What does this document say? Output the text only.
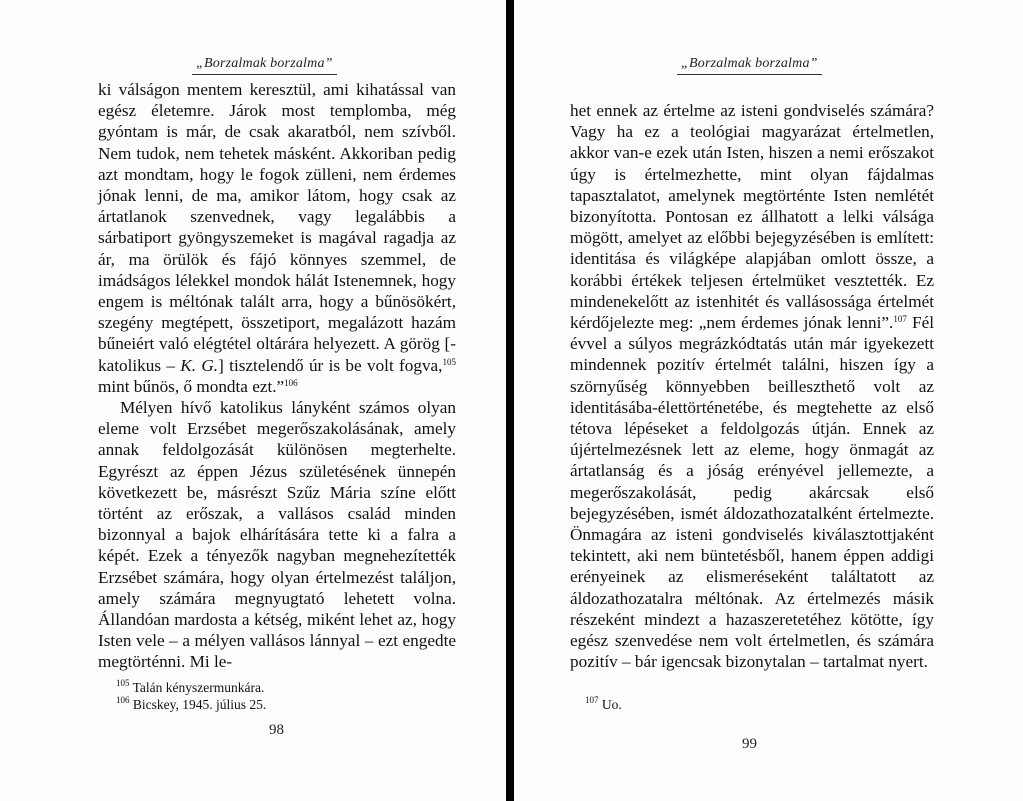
„Borzalmak borzalma”

ki válságon mentem keresztül, ami kihatással van egész életemre. Járok most templomba, még gyóntam is már, de csak akaratból, nem szívből. Nem tudok, nem tehetek másként. Akkoriban pedig azt mondtam, hogy le fogok zülleni, nem érdemes jónak lenni, de ma, amikor látom, hogy csak az ártatlanok szenvednek, vagy legalábbis a sárbatiport gyöngyszemeket is magával ragadja az ár, ma örülök és fájó könnyes szemmel, de imádságos lélekkel mondok hálát Istenemnek, hogy engem is méltónak talált arra, hogy a bűnösökért, szegény megtépett, összetiport, megalázott hazám bűneiért való elégtétel oltárára helyezett. A görög [-katolikus – K. G.] tisztelendő úr is be volt fogva,$^{105}$ mint bűnös, ő mondta ezt.”$^{106}$

Mélyen hívő katolikus lányként számos olyan eleme volt Erzsébet megerőszakolásának, amely annak feldolgozását különösen megterhelte. Egyrészt az éppen Jézus születésének ünnepén következett be, másrészt Szűz Mária színe előtt történt az erőszak, a vallásos család minden bizonnyal a bajok elhárítására tette ki a falra a képét. Ezek a tényezők nagyban megnehezítették Erzsébet számára, hogy olyan értelmezést találjon, amely számára megnyugtató lehetett volna. Állandóan mardosta a kétség, miként lehet az, hogy Isten vele – a mélyen vallásos lánnyal – ezt engedte megtörténni. Mi le-

$^{105}$ Talán kényszermunkára.
$^{106}$ Bicskey, 1945. július 25.
98
„Borzalmak borzalma”

het ennek az értelme az isteni gondviselés számára? Vagy ha ez a teológiai magyarázat értelmetlen, akkor van-e ezek után Isten, hiszen a nemi erőszakot úgy is értelmezhette, mint olyan fájdalmas tapasztalatot, amelynek megtörténte Isten nemlétét bizonyította. Pontosan ez állhatott a lelki válsága mögött, amelyet az előbbi bejegyzésében is említett: identitása és világképe alapjában omlott össze, a korábbi értékek teljesen értelmüket vesztették. Ez mindenekelőtt az istenhitét és vallásossága értelmét kérdőjelezte meg: „nem érdemes jónak lenni”.$^{107}$ Fél évvel a súlyos megrázkódtatás után már igyekezett mindennek pozitív értelmét találni, hiszen így a szörnyűség könnyebben beilleszthető volt az identitásába-élettörténetébe, és megtehette az első tétova lépéseket a feldolgozás útján. Ennek az újértelmezésnek lett az eleme, hogy önmagát az ártatlanság és a jóság erényével jellemezte, a megerőszakolását, pedig akárcsak első bejegyzésében, ismét áldozathozatalként értelmezte. Önmagára az isteni gondviselés kiválasztottjaként tekintett, aki nem büntetésből, hanem éppen addigi erényeinek az elismeréseként találtatott az áldozathozatalra méltónak. Az értelmezés másik részeként mindezt a hazaszeretetéhez kötötte, így egész szenvedése nem volt értelmetlen, és számára pozitív – bár igencsak bizonytalan – tartalmat nyert.

$^{107}$ Uo.
99
